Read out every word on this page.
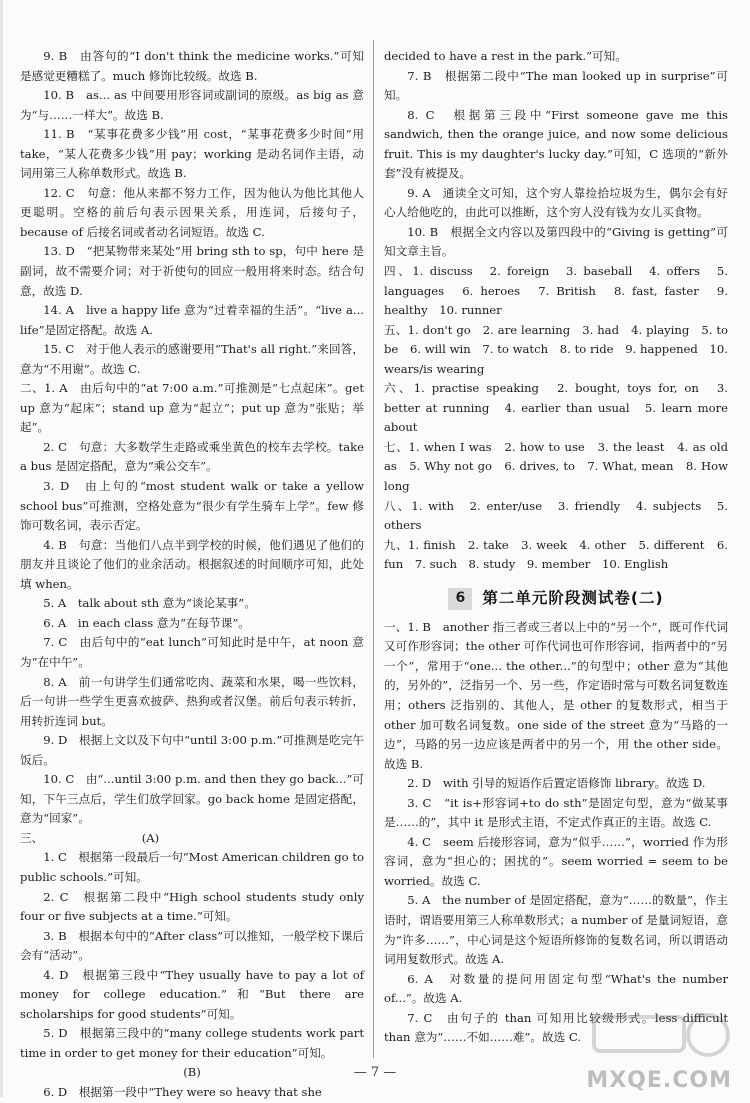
9. B　由答句的“I don't think the medicine works.”可知是感觉更糟糕了。much 修饰比较级。故选 B.

10. B　as... as 中间要用形容词或副词的原级。as big as 意为“与……一样大”。故选 B.

11. B　“某事花费多少钱”用 cost，“某事花费多少时间”用 take，“某人花费多少钱”用 pay；working 是动名词作主语，动词用第三人称单数形式。故选 B.

12. C　句意：他从来都不努力工作，因为他认为他比其他人更聪明。空格的前后句表示因果关系，用连词，后接句子，because of 后接名词或者动名词短语。故选 C.

13. D　“把某物带来某处”用 bring sth to sp，句中 here 是副词，故不需要介词；对于祈使句的回应一般用将来时态。结合句意，故选 D.

14. A　live a happy life 意为“过着幸福的生活”。“live a... life”是固定搭配。故选 A.

15. C　对于他人表示的感谢要用“That's all right.”来回答，意为“不用谢”。故选 C.

二、1. A　由后句中的“at 7:00 a.m.”可推测是“七点起床”。get up 意为“起床”；stand up 意为“起立”；put up 意为“张贴；举起”。

2. C　句意：大多数学生走路或乘坐黄色的校车去学校。take a bus 是固定搭配，意为“乘公交车”。

3. D　由上句的“most student walk or take a yellow school bus”可推测，空格处意为“很少有学生骑车上学”。few 修饰可数名词，表示否定。

4. B　句意：当他们八点半到学校的时候，他们遇见了他们的朋友并且谈论了他们的业余活动。根据叙述的时间顺序可知，此处填 when。

5. A　talk about sth 意为“谈论某事”。

6. A　in each class 意为“在每节课”。

7. C　由后句中的“eat lunch”可知此时是中午，at noon 意为“在中午”。

8. A　前一句讲学生们通常吃肉、蔬菜和水果，喝一些饮料，后一句讲一些学生更喜欢披萨、热狗或者汉堡。前后句表示转折，用转折连词 but。

9. D　根据上文以及下句中“until 3:00 p.m.”可推测是吃完午饭后。

10. C　由“...until 3:00 p.m. and then they go back...”可知，下午三点后，学生们放学回家。go back home 是固定搭配，意为“回家”。

三、　　　　　　　　　(A)

1. C　根据第一段最后一句“Most American children go to public schools.”可知。

2. C　根据第二段中“High school students study only four or five subjects at a time.”可知。

3. B　根据本句中的“After class”可以推知，一般学校下课后会有“活动”。

4. D　根据第三段中“They usually have to pay a lot of money for college education.”和“But there are scholarships for good students”可知。

5. D　根据第三段中的“many college students work part time in order to get money for their education”可知。

(B)

6. D　根据第一段中“They were so heavy that she

decided to have a rest in the park.”可知。

7. B　根据第二段中“The man looked up in surprise”可知。

8. C　根据第三段中“First someone gave me this sandwich, then the orange juice, and now some delicious fruit. This is my daughter's lucky day.”可知，C 选项的“新外套”没有被提及。

9. A　通读全文可知，这个穷人靠捡拾垃圾为生，偶尔会有好心人给他吃的，由此可以推断，这个穷人没有钱为女儿买食物。

10. B　根据全文内容以及第四段中的“Giving is getting”可知文章主旨。

四、1. discuss　2. foreign　3. baseball　4. offers　5. languages　6. heroes　7. British　8. fast, faster　9. healthy　10. runner

五、1. don't go　2. are learning　3. had　4. playing　5. to be　6. will win　7. to watch　8. to ride　9. happened　10. wears/is wearing

六、1. practise speaking　2. bought, toys for, on　3. better at running　4. earlier than usual　5. learn more about

七、1. when I was　2. how to use　3. the least　4. as old as　5. Why not go　6. drives, to　7. What, mean　8. How long

八、1. with　2. enter/use　3. friendly　4. subjects　5. others

九、1. finish　2. take　3. week　4. other　5. different　6. fun　7. such　8. study　9. member　10. English

6	第二单元阶段测试卷(二)

一、1. B　another 指三者或三者以上中的“另一个”，既可作代词又可作形容词；the other 可作代词也可作形容词，指两者中的“另一个”，常用于“one... the other...”的句型中；other 意为“其他的，另外的”，泛指另一个、另一些，作定语时常与可数名词复数连用；others 泛指别的、其他人，是 other 的复数形式，相当于 other 加可数名词复数。one side of the street 意为“马路的一边”，马路的另一边应该是两者中的另一个，用 the other side。故选 B.

2. D　with 引导的短语作后置定语修饰 library。故选 D.

3. C　“it is+形容词+to do sth”是固定句型，意为“做某事是……的”，其中 it 是形式主语，不定式作真正的主语。故选 C.

4. C　seem 后接形容词，意为“似乎……”，worried 作为形容词，意为“担心的；困扰的”。seem worried = seem to be worried。故选 C.

5. A　the number of 是固定搭配，意为“……的数量”，作主语时，谓语要用第三人称单数形式；a number of 是量词短语，意为“许多……”，中心词是这个短语所修饰的复数名词，所以谓语动词用复数形式。故选 A.

6. A　对数量的提问用固定句型“What's the number of...”。故选 A.

7. C　由句子的 than 可知用比较级形式。less difficult than 意为“……不如……难”。故选 C.

— 7 —	MXQE.COM
